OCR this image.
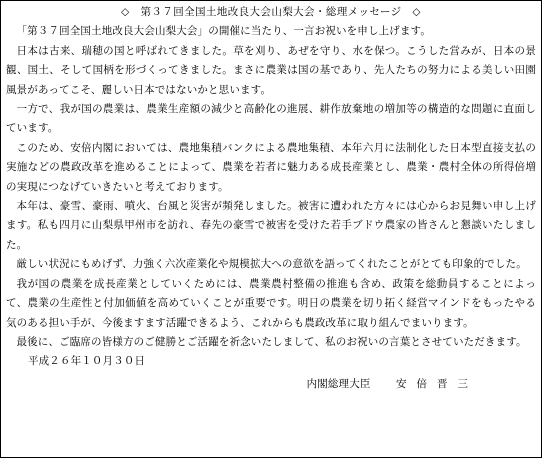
◇　第３７回全国土地改良大会山梨大会・総理メッセージ　◇

「第３７回全国土地改良大会山梨大会」の開催に当たり、一言お祝いを申し上げます。

日本は古来、瑞穂の国と呼ばれてきました。草を刈り、あぜを守り、水を保つ。こうした営みが、日本の景観、国土、そして国柄を形づくってきました。まさに農業は国の基であり、先人たちの努力による美しい田園風景があってこそ、麗しい日本ではないかと思います。

一方で、我が国の農業は、農業生産額の減少と高齢化の進展、耕作放棄地の増加等の構造的な問題に直面しています。

このため、安倍内閣においては、農地集積バンクによる農地集積、本年六月に法制化した日本型直接支払の実施などの農政改革を進めることによって、農業を若者に魅力ある成長産業とし、農業・農村全体の所得倍増の実現につなげていきたいと考えております。

本年は、豪雪、豪雨、噴火、台風と災害が頻発しました。被害に遭われた方々には心からお見舞い申し上げます。私も四月に山梨県甲州市を訪れ、春先の豪雪で被害を受けた若手ブドウ農家の皆さんと懇談いたしました。

厳しい状況にもめげず、力強く六次産業化や規模拡大への意欲を語ってくれたことがとても印象的でした。

我が国の農業を成長産業としていくためには、農業農村整備の推進も含め、政策を総動員することによって、農業の生産性と付加価値を高めていくことが重要です。明日の農業を切り拓く経営マインドをもったやる気のある担い手が、今後ますます活躍できるよう、これからも農政改革に取り組んでまいります。

最後に、ご臨席の皆様方のご健勝とご活躍を祈念いたしまして、私のお祝いの言葉とさせていただきます。

平成２６年１０月３０日
内閣総理大臣 安倍晋三
